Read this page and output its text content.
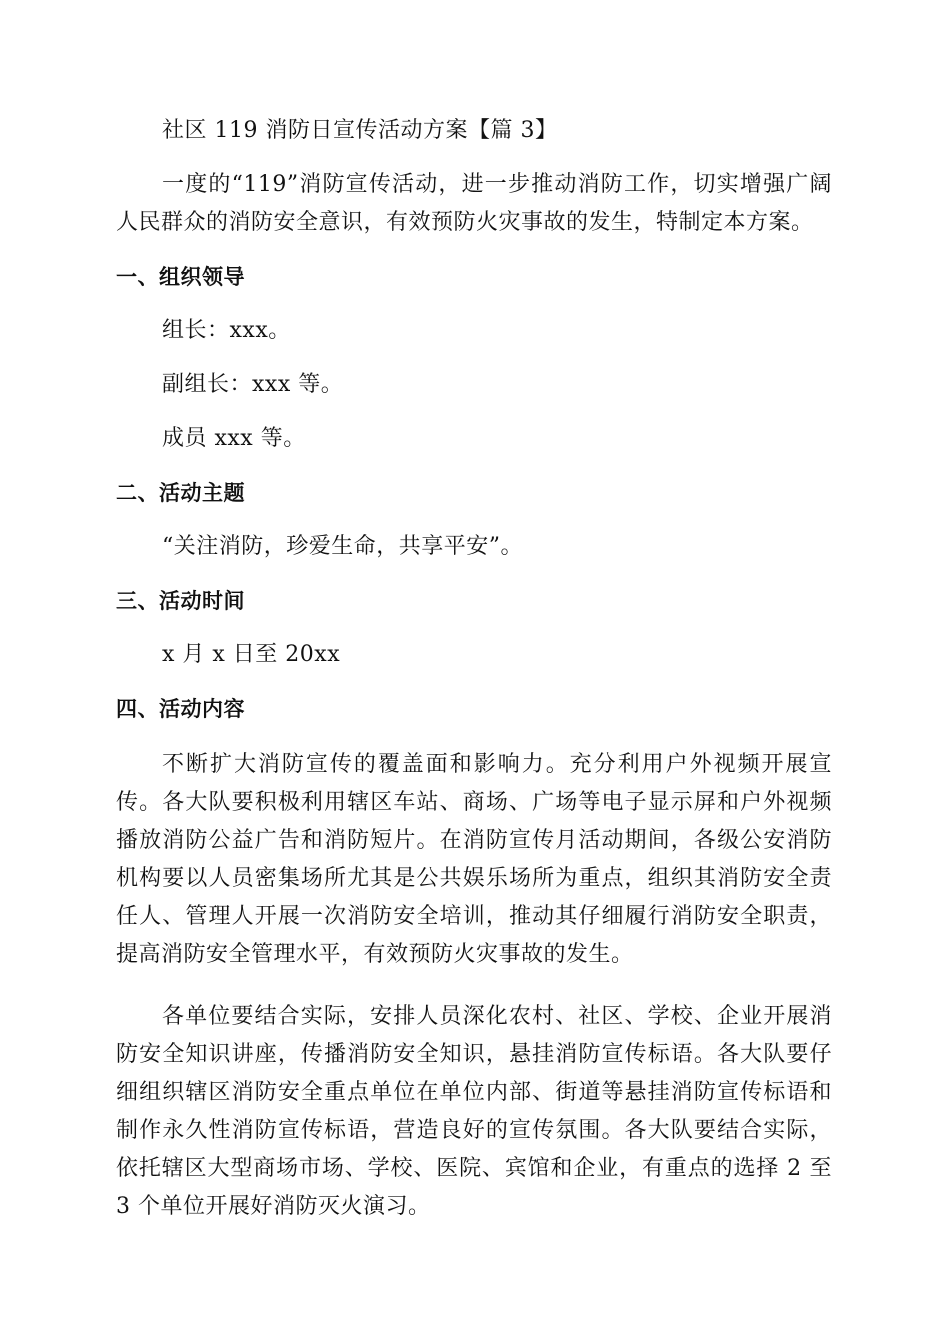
社区 119 消防日宣传活动方案【篇 3】

一度的“119”消防宣传活动，进一步推动消防工作，切实增强广阔人民群众的消防安全意识，有效预防火灾事故的发生，特制定本方案。

一、组织领导

组长：xxx。

副组长：xxx 等。

成员 xxx 等。

二、活动主题

“关注消防，珍爱生命，共享平安”。

三、活动时间

x 月 x 日至 20xx

四、活动内容

不断扩大消防宣传的覆盖面和影响力。充分利用户外视频开展宣传。各大队要积极利用辖区车站、商场、广场等电子显示屏和户外视频播放消防公益广告和消防短片。在消防宣传月活动期间，各级公安消防机构要以人员密集场所尤其是公共娱乐场所为重点，组织其消防安全责任人、管理人开展一次消防安全培训，推动其仔细履行消防安全职责，提高消防安全管理水平，有效预防火灾事故的发生。

各单位要结合实际，安排人员深化农村、社区、学校、企业开展消防安全知识讲座，传播消防安全知识，悬挂消防宣传标语。各大队要仔细组织辖区消防安全重点单位在单位内部、街道等悬挂消防宣传标语和制作永久性消防宣传标语，营造良好的宣传氛围。各大队要结合实际，依托辖区大型商场市场、学校、医院、宾馆和企业，有重点的选择 2 至 3 个单位开展好消防灭火演习。
